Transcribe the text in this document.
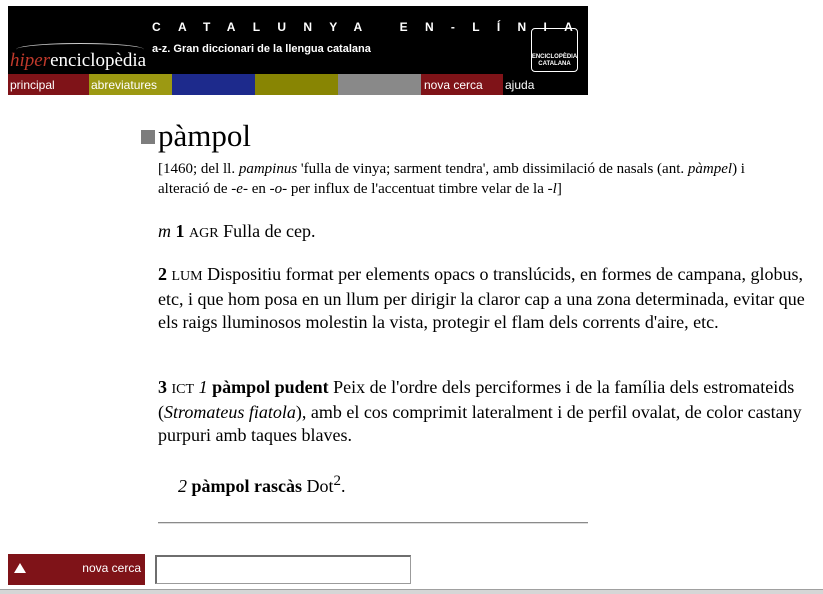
hiperenciclopèdia
CATALUNYA EN-LÍNIA
a-z. Gran diccionari de la llengua catalana
ENCICLOPÈDIA
CATALANA
principal	abreviatures	nova cerca	ajuda
pàmpol
[1460; del ll. pampinus 'fulla de vinya; sarment tendra', amb dissimilació de nasals (ant. pàmpel) i alteració de -e- en -o- per influx de l'accentuat timbre velar de la -l]
m 1 AGR Fulla de cep.
2 LUM Dispositiu format per elements opacs o translúcids, en formes de campana, globus, etc, i que hom posa en un llum per dirigir la claror cap a una zona determinada, evitar que els raigs lluminosos molestin la vista, protegir el flam dels corrents d'aire, etc.
3 ICT 1 pàmpol pudent Peix de l'ordre dels perciformes i de la família dels estromateids (Stromateus fiatola), amb el cos comprimit lateralment i de perfil ovalat, de color castany purpuri amb taques blaves.
2 pàmpol rascàs Dot$^2$.
nova cerca
